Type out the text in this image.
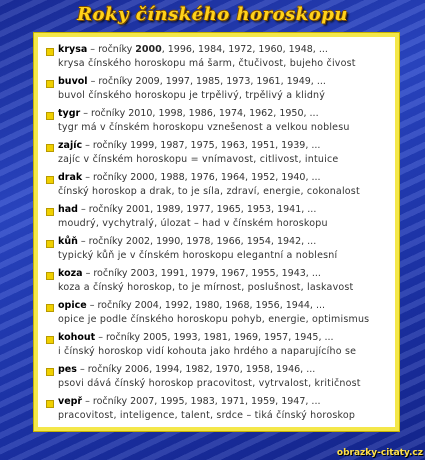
Roky čínského horoskopu
krysa – ročníky 2000, 1996, 1984, 1972, 1960, 1948, ...
krysa čínského horoskopu má šarm, čtučivost, bujeho čivost
buvol – ročníky 2009, 1997, 1985, 1973, 1961, 1949, ...
buvol čínského horoskopu je trpělivý, trpělivý a klidný
tygr – ročníky 2010, 1998, 1986, 1974, 1962, 1950, ...
tygr má v čínském horoskopu vznešenost a velkou noblesu
zajíc – ročníky 1999, 1987, 1975, 1963, 1951, 1939, ...
zajíc v čínském horoskopu = vnímavost, citlivost, intuice
drak – ročníky 2000, 1988, 1976, 1964, 1952, 1940, ...
čínský horoskop a drak, to je síla, zdraví, energie, cokonalost
had – ročníky 2001, 1989, 1977, 1965, 1953, 1941, ...
moudrý, vychytralý, úlozat – had v čínském horoskopu
kůň – ročníky 2002, 1990, 1978, 1966, 1954, 1942, ...
typický kůň je v čínském horoskopu elegantní a noblesní
koza – ročníky 2003, 1991, 1979, 1967, 1955, 1943, ...
koza a čínský horoskop, to je mírnost, poslušnost, laskavost
opice – ročníky 2004, 1992, 1980, 1968, 1956, 1944, ...
opice je podle čínského horoskopu pohyb, energie, optimismus
kohout – ročníky 2005, 1993, 1981, 1969, 1957, 1945, ...
i čínský horoskop vidí kohouta jako hrdého a naparujícího se
pes – ročníky 2006, 1994, 1982, 1970, 1958, 1946, ...
psovi dává čínský horoskop pracovitost, vytrvalost, kritičnost
vepř – ročníky 2007, 1995, 1983, 1971, 1959, 1947, ...
pracovitost, inteligence, talent, srdce – tiká čínský horoskop
obrazky-citaty.cz
